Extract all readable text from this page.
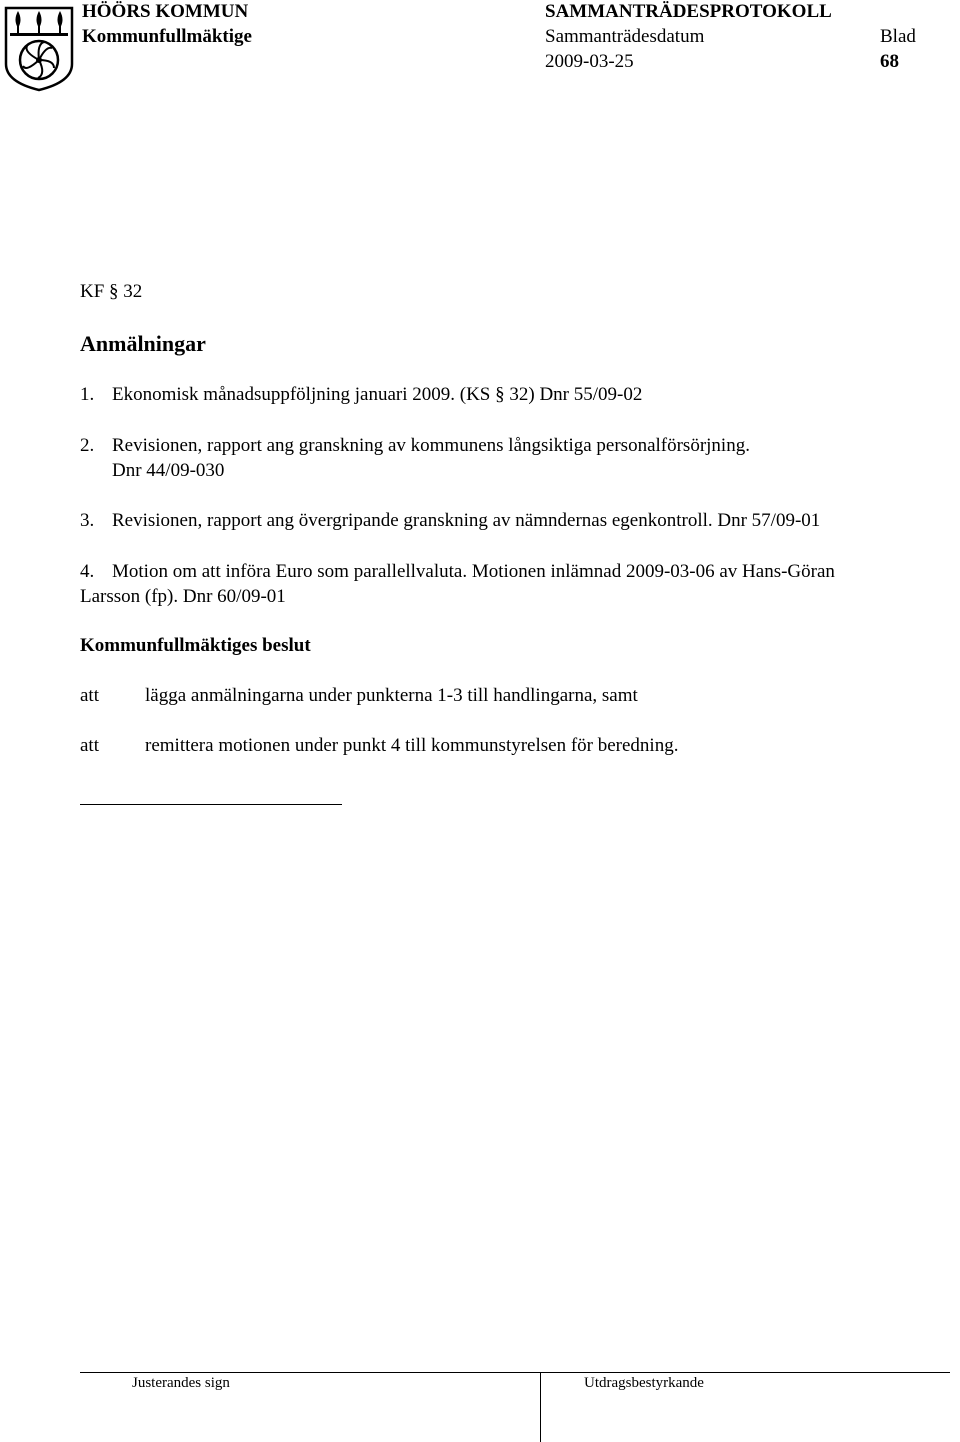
HÖÖRS KOMMUN
Kommunfullmäktige
SAMMANTRÄDESPROTOKOLL
Sammanträdesdatum
2009-03-25
Blad
68
KF § 32
Anmälningar
1. Ekonomisk månadsuppföljning januari 2009. (KS § 32) Dnr 55/09-02
2. Revisionen, rapport ang granskning av kommunens långsiktiga personalförsörjning.
Dnr 44/09-030
3. Revisionen, rapport ang övergripande granskning av nämndernas egenkontroll. Dnr 57/09-01
4. Motion om att införa Euro som parallellvaluta. Motionen inlämnad 2009-03-06 av Hans-Göran
Larsson (fp). Dnr 60/09-01
Kommunfullmäktiges beslut
att lägga anmälningarna under punkterna 1-3 till handlingarna, samt
att remittera motionen under punkt 4 till kommunstyrelsen för beredning.
Justerandes sign	Utdragsbestyrkande
